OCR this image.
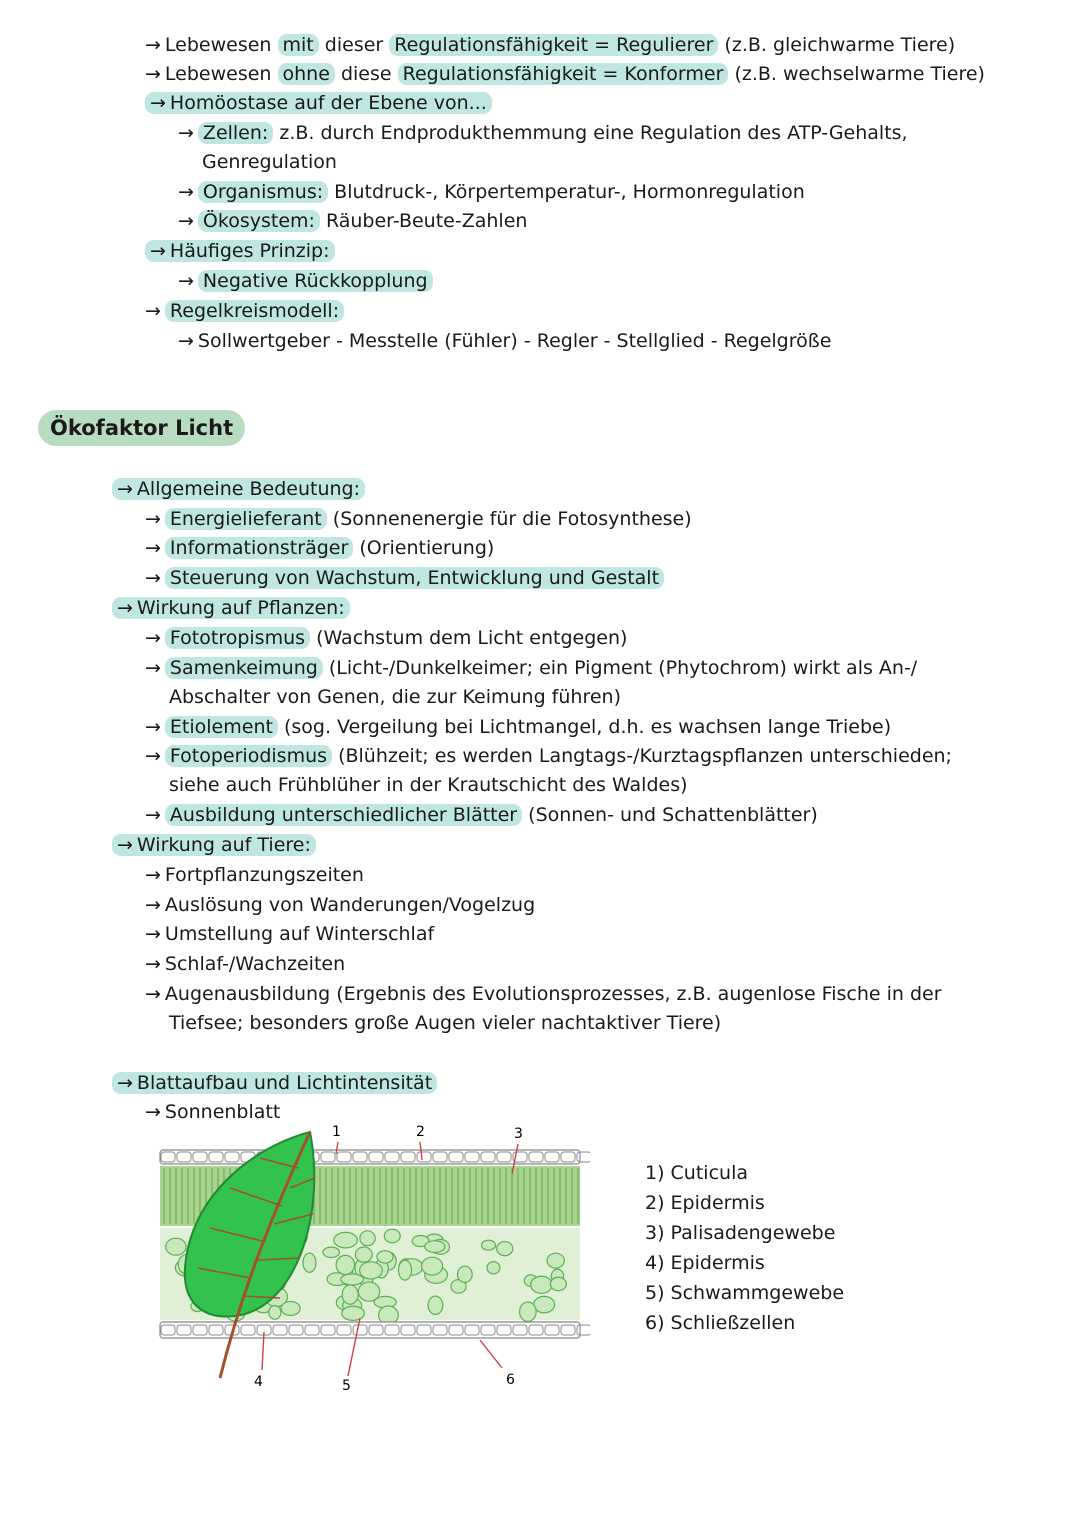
→ Lebewesen mit dieser Regulationsfähigkeit = Regulierer (z.B. gleichwarme Tiere)
→ Lebewesen ohne diese Regulationsfähigkeit = Konformer (z.B. wechselwarme Tiere)
→ Homöostase auf der Ebene von...
→ Zellen: z.B. durch Endprodukthemmung eine Regulation des ATP-Gehalts,
Genregulation
→ Organismus: Blutdruck-, Körpertemperatur-, Hormonregulation
→ Ökosystem: Räuber-Beute-Zahlen
→ Häufiges Prinzip:
→ Negative Rückkopplung
→ Regelkreismodell:
→ Sollwertgeber - Messtelle (Fühler) - Regler - Stellglied - Regelgröße
Ökofaktor Licht
→ Allgemeine Bedeutung:
→ Energielieferant (Sonnenenergie für die Fotosynthese)
→ Informationsträger (Orientierung)
→ Steuerung von Wachstum, Entwicklung und Gestalt
→ Wirkung auf Pflanzen:
→ Fototropismus (Wachstum dem Licht entgegen)
→ Samenkeimung (Licht-/Dunkelkeimer; ein Pigment (Phytochrom) wirkt als An-/
Abschalter von Genen, die zur Keimung führen)
→ Etiolement (sog. Vergeilung bei Lichtmangel, d.h. es wachsen lange Triebe)
→ Fotoperiodismus (Blühzeit; es werden Langtags-/Kurztagspflanzen unterschieden;
siehe auch Frühblüher in der Krautschicht des Waldes)
→ Ausbildung unterschiedlicher Blätter (Sonnen- und Schattenblätter)
→ Wirkung auf Tiere:
→ Fortpflanzungszeiten
→ Auslösung von Wanderungen/Vogelzug
→ Umstellung auf Winterschlaf
→ Schlaf-/Wachzeiten
→ Augenausbildung (Ergebnis des Evolutionsprozesses, z.B. augenlose Fische in der
Tiefsee; besonders große Augen vieler nachtaktiver Tiere)
→ Blattaufbau und Lichtintensität
→ Sonnenblatt
1	2	3
4	5	6
1) Cuticula
2) Epidermis
3) Palisadengewebe
4) Epidermis
5) Schwammgewebe
6) Schließzellen
